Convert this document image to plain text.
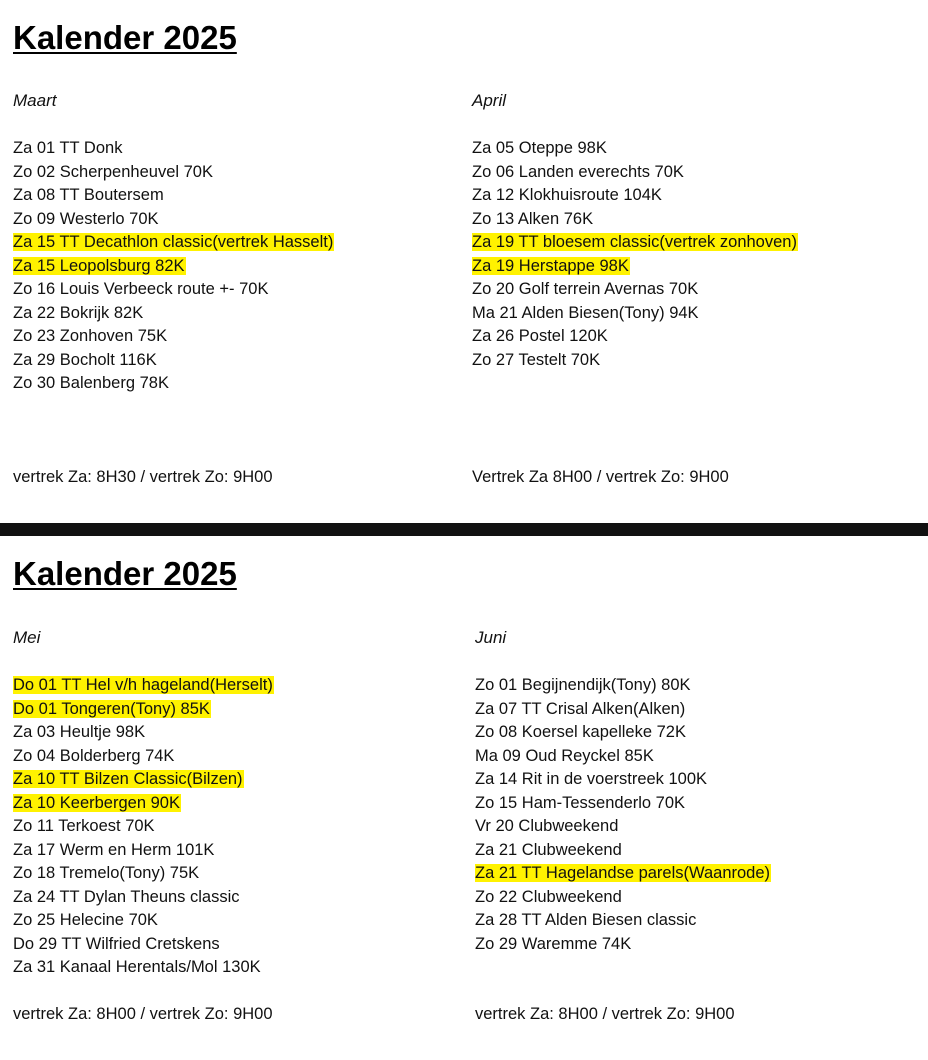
Kalender 2025

Maart

Za 01 TT Donk
Zo 02 Scherpenheuvel 70K
Za 08 TT Boutersem
Zo 09 Westerlo 70K
Za 15 TT Decathlon classic(vertrek Hasselt)
Za 15 Leopolsburg 82K
Zo 16 Louis Verbeeck route +- 70K
Za 22 Bokrijk 82K
Zo 23 Zonhoven 75K
Za 29 Bocholt 116K
Zo 30 Balenberg 78K
vertrek Za: 8H30 / vertrek Zo: 9H00

April

Za 05 Oteppe 98K
Zo 06 Landen everechts 70K
Za 12 Klokhuisroute 104K
Zo 13 Alken 76K
Za 19 TT bloesem classic(vertrek zonhoven)
Za 19 Herstappe 98K
Zo 20 Golf terrein Avernas 70K
Ma 21 Alden Biesen(Tony) 94K
Za 26 Postel 120K
Zo 27 Testelt 70K
Vertrek Za 8H00 / vertrek Zo: 9H00
Kalender 2025

Mei

Do 01 TT Hel v/h hageland(Herselt)
Do 01 Tongeren(Tony) 85K
Za 03 Heultje 98K
Zo 04 Bolderberg 74K
Za 10 TT Bilzen Classic(Bilzen)
Za 10 Keerbergen 90K
Zo 11 Terkoest 70K
Za 17 Werm en Herm 101K
Zo 18 Tremelo(Tony) 75K
Za 24 TT Dylan Theuns classic
Zo 25 Helecine 70K
Do 29 TT Wilfried Cretskens
Za 31 Kanaal Herentals/Mol 130K
vertrek Za: 8H00 / vertrek Zo: 9H00

Juni

Zo 01 Begijnendijk(Tony) 80K
Za 07 TT Crisal Alken(Alken)
Zo 08 Koersel kapelleke 72K
Ma 09 Oud Reyckel 85K
Za 14 Rit in de voerstreek 100K
Zo 15 Ham-Tessenderlo 70K
Vr 20 Clubweekend
Za 21 Clubweekend
Za 21 TT Hagelandse parels(Waanrode)
Zo 22 Clubweekend
Za 28 TT Alden Biesen classic
Zo 29 Waremme 74K
vertrek Za: 8H00 / vertrek Zo: 9H00
